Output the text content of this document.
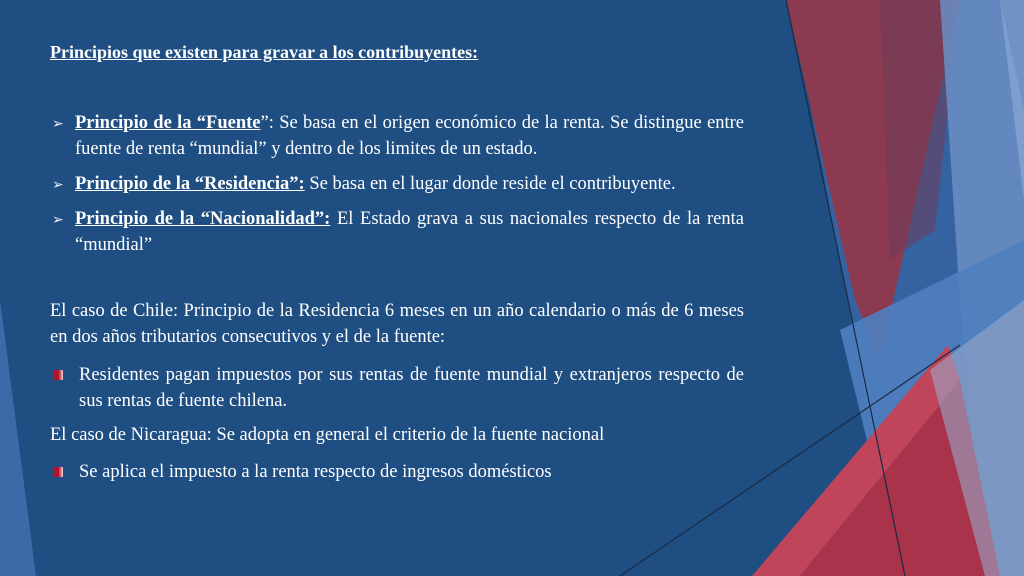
Principios que existen para gravar a los contribuyentes:

➢ Principio de la “Fuente”: Se basa en el origen económico de la renta. Se distingue entre fuente de renta “mundial” y dentro de los limites de un estado.
➢ Principio de la “Residencia”: Se basa en el lugar donde reside el contribuyente.
➢ Principio de la “Nacionalidad”: El Estado grava a sus nacionales respecto de la renta “mundial”

El caso de Chile: Principio de la Residencia 6 meses en un año calendario o más de 6 meses en dos años tributarios consecutivos y el de la fuente:

Residentes pagan impuestos por sus rentas de fuente mundial y extranjeros respecto de sus rentas de fuente chilena.

El caso de Nicaragua: Se adopta en general el criterio de la fuente nacional

Se aplica el impuesto a la renta respecto de ingresos domésticos
